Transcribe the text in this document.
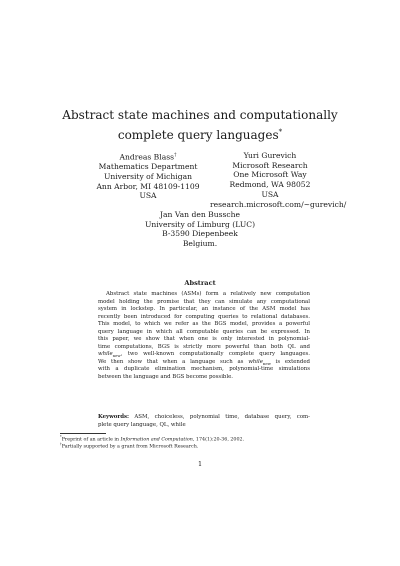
Abstract state machines and computationally
complete query languages*
Andreas Blass†
Mathematics Department
University of Michigan
Ann Arbor, MI 48109-1109
USA
Yuri Gurevich
Microsoft Research
One Microsoft Way
Redmond, WA 98052
USA
research.microsoft.com/~gurevich/
Jan Van den Bussche
University of Limburg (LUC)
B-3590 Diepenbeek
Belgium.
Abstract
Abstract state machines (ASMs) form a relatively new computation
model holding the promise that they can simulate any computational
system in lockstep. In particular, an instance of the ASM model has
recently been introduced for computing queries to relational databases.
This model, to which we refer as the BGS model, provides a powerful
query language in which all computable queries can be expressed. In
this paper, we show that when one is only interested in polynomial-
time computations, BGS is strictly more powerful than both QL and
while$_{new}$, two well-known computationally complete query languages.
We then show that when a language such as while$_{new}$ is extended
with a duplicate elimination mechanism, polynomial-time simulations
between the language and BGS become possible.
Keywords: ASM, choiceless, polynomial time, database query, com-
plete query language, QL, while
*Preprint of an article in Information and Computation, 174(1):20-36, 2002.
†Partially supported by a grant from Microsoft Research.
1
